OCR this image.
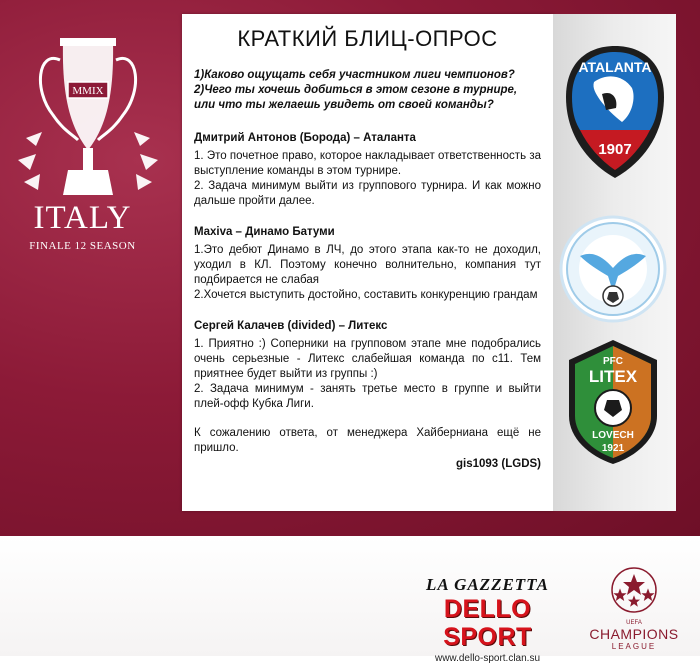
MMIX
ITALY
FINALE 12 SEASON
КРАТКИЙ БЛИЦ-ОПРОС
1)Каково ощущать себя участником лиги чемпионов?
2)Чего ты хочешь добиться в этом сезоне в турнире, или что ты желаешь увидеть от своей команды?
Дмитрий Антонов (Борода) – Аталанта
1. Это почетное право, которое накладывает ответственность за выступление команды в этом турнире.
2. Задача минимум выйти из группового турнира. И как можно дальше пройти далее.
Maxiva – Динамо Батуми
1.Это дебют Динамо в ЛЧ, до этого этапа как-то не доходил, уходил в КЛ. Поэтому конечно волнительно, компания тут подбирается не слабая
2.Хочется выступить достойно, составить конкуренцию грандам
Сергей Калачев (divided) – Литекс
1. Приятно :) Соперники на групповом этапе мне подобрались очень серьезные - Литекс слабейшая команда по с11. Тем приятнее будет выйти из группы :)
2. Задача минимум - занять третье место в группе и выйти плей-офф Кубка Лиги.
К сожалению ответа, от менеджера Хайберниана ещё не пришло.
gis1093 (LGDS)
ATALANTA
1907
PFC
LITEX
LOVECH
1921
LA GAZZETTA
DELLO SPORT
www.dello-sport.clan.su
UEFA
CHAMPIONS
LEAGUE
